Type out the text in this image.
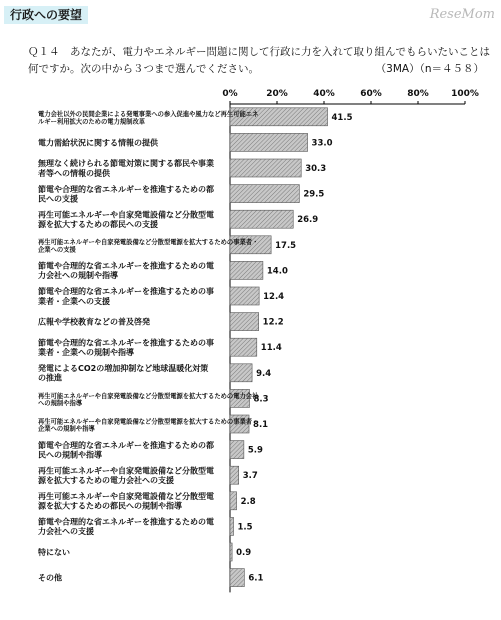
行政への要望	ReseMom
Ｑ１４　あなたが、電力やエネルギー問題に関して行政に力を入れて取り組んでもらいたいことは何ですか。次の中から３つまで選んでください。	（3MA）（n＝４５８）
0%	20%	40%	60%	80% 100%
41.5
電力会社以外の民間企業による発電事業への参入促進や風力など再生可能エネルギー利用拡大のための電力規制改革
33.0
電力需給状況に関する情報の提供
30.3
無理なく続けられる節電対策に関する都民や事業者等への情報の提供
29.5
節電や合理的な省エネルギーを推進するための都民への支援
26.9
再生可能エネルギーや自家発電設備など分散型電源を拡大するための都民への支援
17.5
再生可能エネルギーや自家発電設備など分散型電源を拡大するための事業者・企業への支援
14.0
節電や合理的な省エネルギーを推進するための電力会社への規制や指導
12.4
節電や合理的な省エネルギーを推進するための事業者・企業への支援
12.2
広報や学校教育などの普及啓発
11.4
節電や合理的な省エネルギーを推進するための事業者・企業への規制や指導
9.4
発電によるCO2の増加抑制など地球温暖化対策の推進
8.3
再生可能エネルギーや自家発電設備など分散型電源を拡大するための電力会社への規制や指導
8.1
再生可能エネルギーや自家発電設備など分散型電源を拡大するための事業者・企業への規制や指導
5.9
節電や合理的な省エネルギーを推進するための都民への規制や指導
3.7
再生可能エネルギーや自家発電設備など分散型電源を拡大するための電力会社への支援
2.8
再生可能エネルギーや自家発電設備など分散型電源を拡大するための都民への規制や指導
1.5
節電や合理的な省エネルギーを推進するための電力会社への支援
0.9
特にない
6.1
その他
